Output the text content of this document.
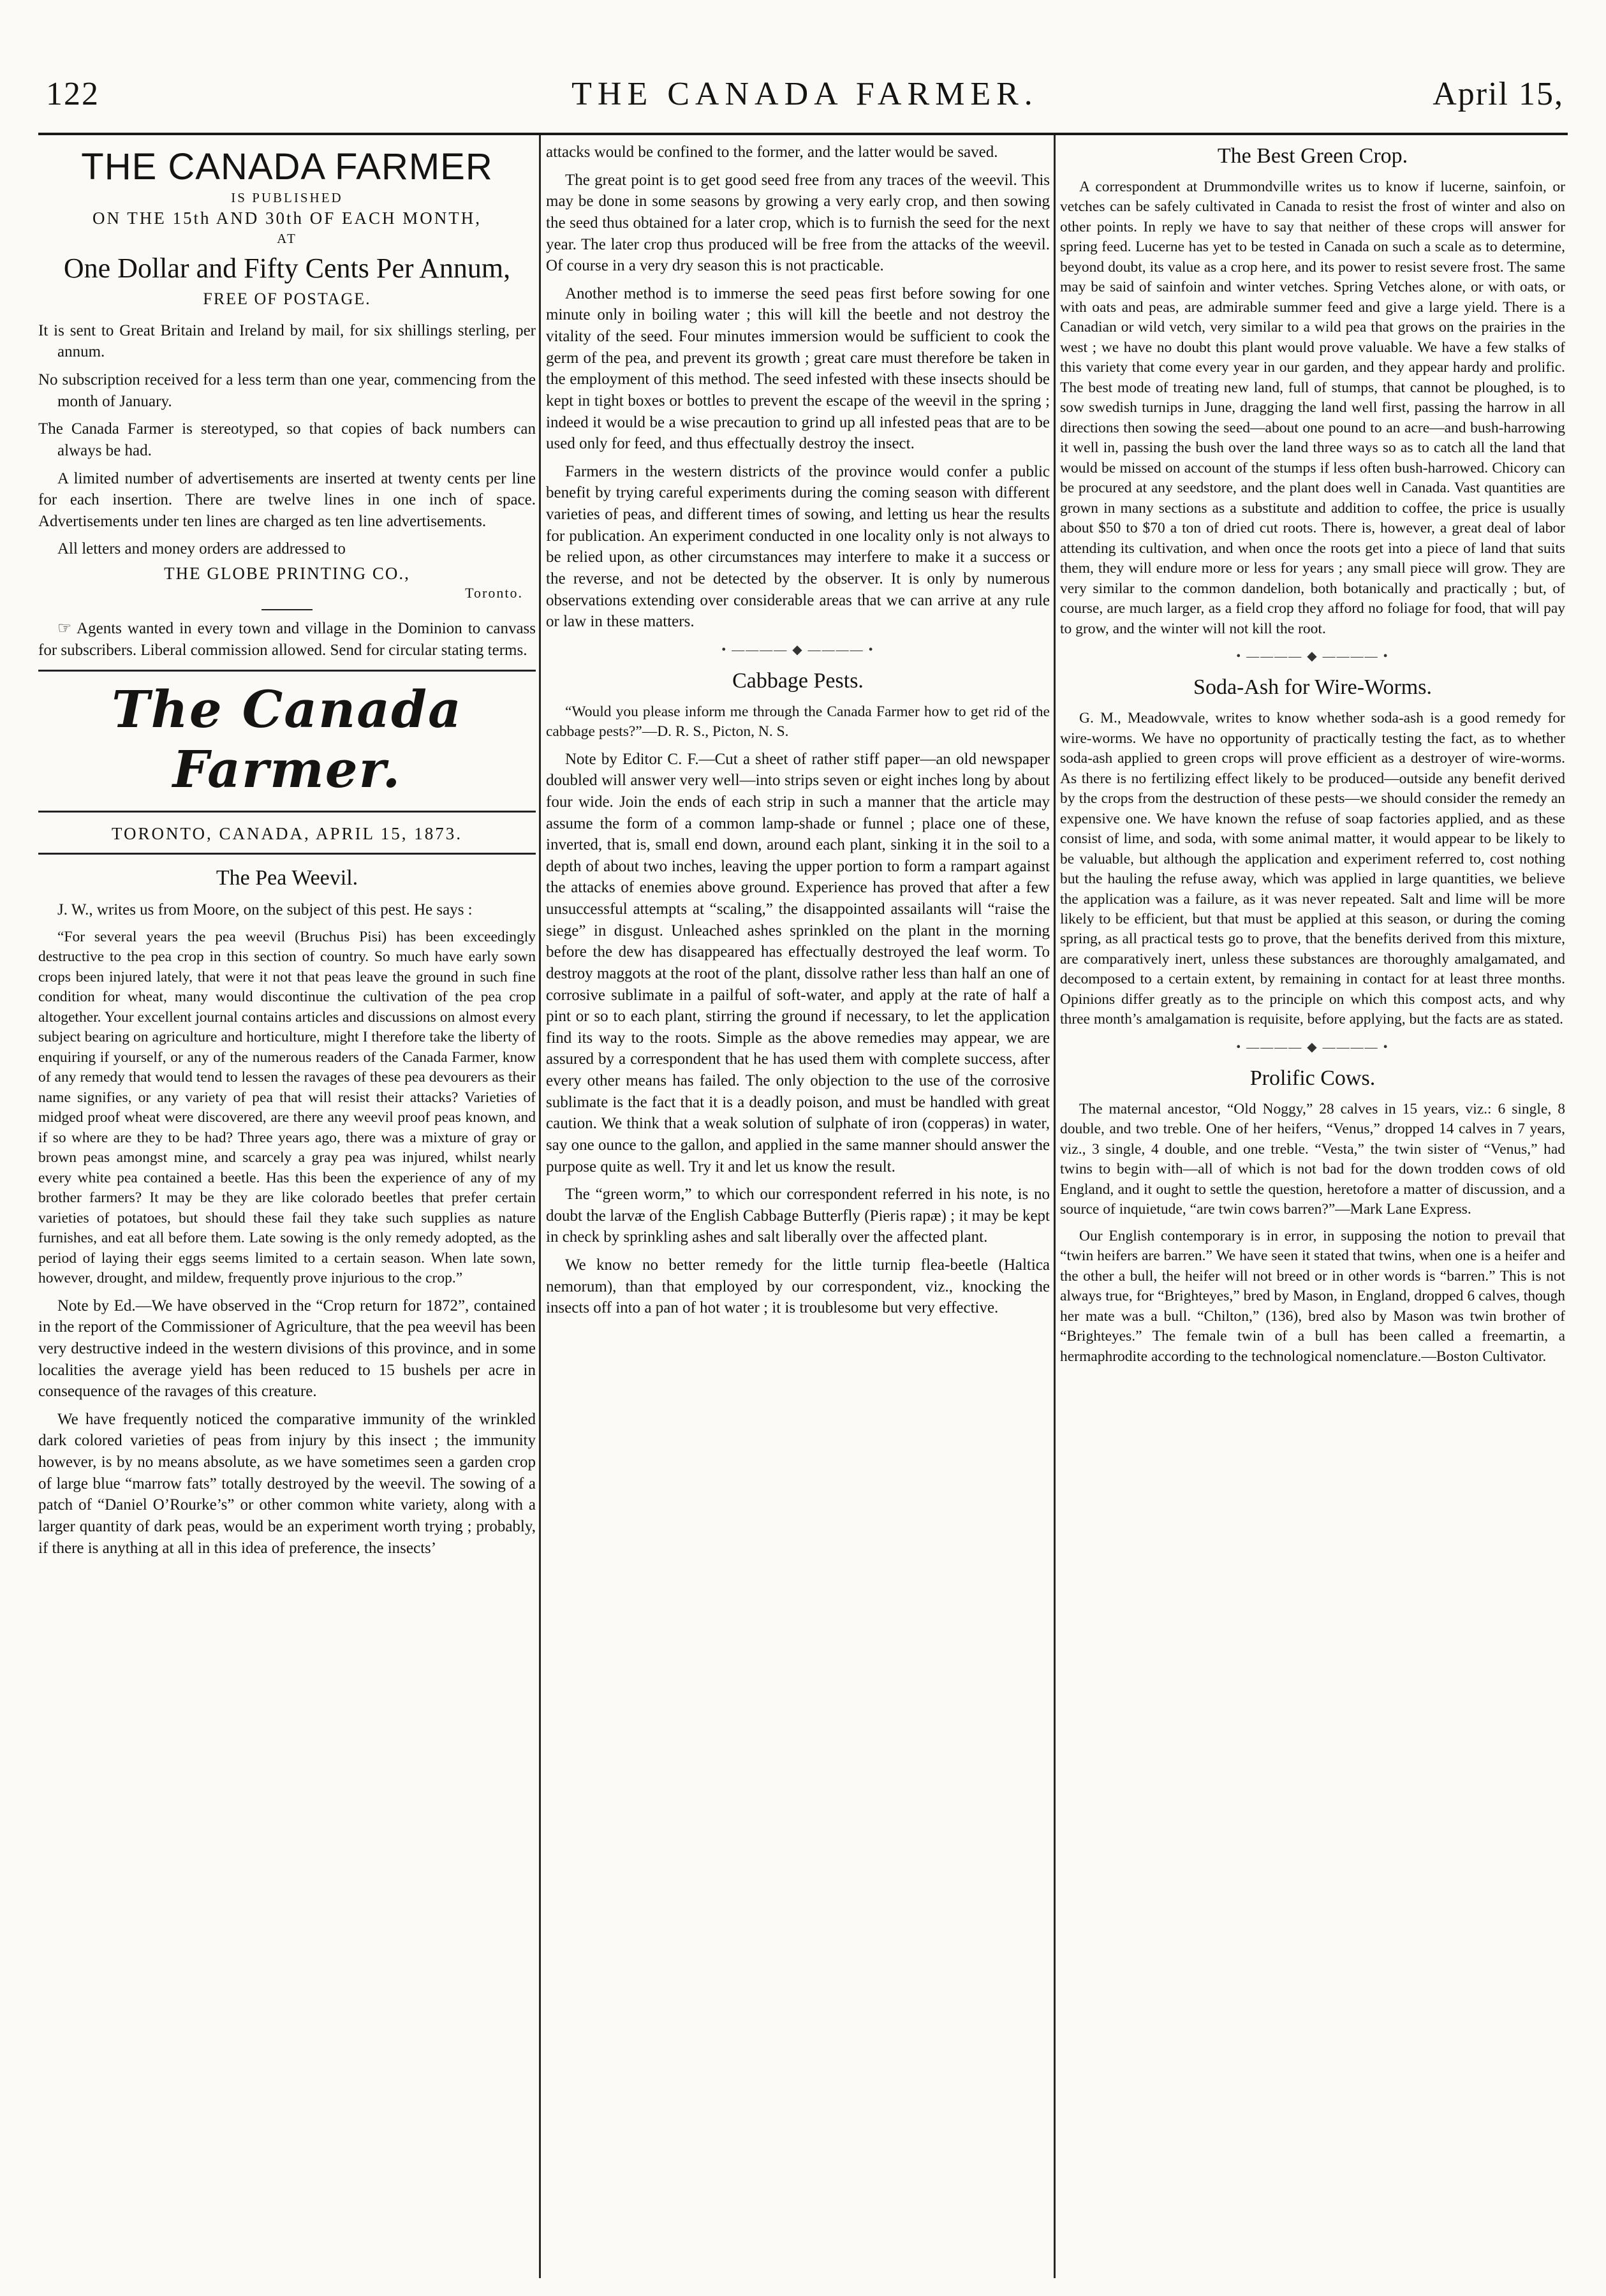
122	THE CANADA FARMER.	April 15,
THE CANADA FARMER
IS PUBLISHED
ON THE 15th AND 30th OF EACH MONTH,
AT
One Dollar and Fifty Cents Per Annum,
FREE OF POSTAGE.

It is sent to Great Britain and Ireland by mail, for six shillings sterling, per annum.

No subscription received for a less term than one year, commencing from the month of January.

The Canada Farmer is stereotyped, so that copies of back numbers can always be had.

A limited number of advertisements are inserted at twenty cents per line for each insertion. There are twelve lines in one inch of space. Advertisements under ten lines are charged as ten line advertisements.

All letters and money orders are addressed to

THE GLOBE PRINTING CO.,
Toronto.

☞ Agents wanted in every town and village in the Dominion to canvass for subscribers. Liberal commission allowed. Send for circular stating terms.

The Canada Farmer.
TORONTO, CANADA, APRIL 15, 1873.
The Pea Weevil.

J. W., writes us from Moore, on the subject of this pest. He says :

“For several years the pea weevil (Bruchus Pisi) has been exceedingly destructive to the pea crop in this section of country. So much have early sown crops been injured lately, that were it not that peas leave the ground in such fine condition for wheat, many would discontinue the cultivation of the pea crop altogether. Your excellent journal contains articles and discussions on almost every subject bearing on agriculture and horticulture, might I therefore take the liberty of enquiring if yourself, or any of the numerous readers of the Canada Farmer, know of any remedy that would tend to lessen the ravages of these pea devourers as their name signifies, or any variety of pea that will resist their attacks? Varieties of midged proof wheat were discovered, are there any weevil proof peas known, and if so where are they to be had? Three years ago, there was a mixture of gray or brown peas amongst mine, and scarcely a gray pea was injured, whilst nearly every white pea contained a beetle. Has this been the experience of any of my brother farmers? It may be they are like colorado beetles that prefer certain varieties of potatoes, but should these fail they take such supplies as nature furnishes, and eat all before them. Late sowing is the only remedy adopted, as the period of laying their eggs seems limited to a certain season. When late sown, however, drought, and mildew, frequently prove injurious to the crop.”

Note by Ed.—We have observed in the “Crop return for 1872”, contained in the report of the Commissioner of Agriculture, that the pea weevil has been very destructive indeed in the western divisions of this province, and in some localities the average yield has been reduced to 15 bushels per acre in consequence of the ravages of this creature.

We have frequently noticed the comparative immunity of the wrinkled dark colored varieties of peas from injury by this insect ; the immunity however, is by no means absolute, as we have sometimes seen a garden crop of large blue “marrow fats” totally destroyed by the weevil. The sowing of a patch of “Daniel O’Rourke’s” or other common white variety, along with a larger quantity of dark peas, would be an experiment worth trying ; probably, if there is anything at all in this idea of preference, the insects’

attacks would be confined to the former, and the latter would be saved.

The great point is to get good seed free from any traces of the weevil. This may be done in some seasons by growing a very early crop, and then sowing the seed thus obtained for a later crop, which is to furnish the seed for the next year. The later crop thus produced will be free from the attacks of the weevil. Of course in a very dry season this is not practicable.

Another method is to immerse the seed peas first before sowing for one minute only in boiling water ; this will kill the beetle and not destroy the vitality of the seed. Four minutes immersion would be sufficient to cook the germ of the pea, and prevent its growth ; great care must therefore be taken in the employment of this method. The seed infested with these insects should be kept in tight boxes or bottles to prevent the escape of the weevil in the spring ; indeed it would be a wise precaution to grind up all infested peas that are to be used only for feed, and thus effectually destroy the insect.

Farmers in the western districts of the province would confer a public benefit by trying careful experiments during the coming season with different varieties of peas, and different times of sowing, and letting us hear the results for publication. An experiment conducted in one locality only is not always to be relied upon, as other circumstances may interfere to make it a success or the reverse, and not be detected by the observer. It is only by numerous observations extending over considerable areas that we can arrive at any rule or law in these matters.

• ———— ◆ ———— •
Cabbage Pests.

“Would you please inform me through the Canada Farmer how to get rid of the cabbage pests?”—D. R. S., Picton, N. S.

Note by Editor C. F.—Cut a sheet of rather stiff paper—an old newspaper doubled will answer very well—into strips seven or eight inches long by about four wide. Join the ends of each strip in such a manner that the article may assume the form of a common lamp-shade or funnel ; place one of these, inverted, that is, small end down, around each plant, sinking it in the soil to a depth of about two inches, leaving the upper portion to form a rampart against the attacks of enemies above ground. Experience has proved that after a few unsuccessful attempts at “scaling,” the disappointed assailants will “raise the siege” in disgust. Unleached ashes sprinkled on the plant in the morning before the dew has disappeared has effectually destroyed the leaf worm. To destroy maggots at the root of the plant, dissolve rather less than half an one of corrosive sublimate in a pailful of soft-water, and apply at the rate of half a pint or so to each plant, stirring the ground if necessary, to let the application find its way to the roots. Simple as the above remedies may appear, we are assured by a correspondent that he has used them with complete success, after every other means has failed. The only objection to the use of the corrosive sublimate is the fact that it is a deadly poison, and must be handled with great caution. We think that a weak solution of sulphate of iron (copperas) in water, say one ounce to the gallon, and applied in the same manner should answer the purpose quite as well. Try it and let us know the result.

The “green worm,” to which our correspondent referred in his note, is no doubt the larvæ of the English Cabbage Butterfly (Pieris rapæ) ; it may be kept in check by sprinkling ashes and salt liberally over the affected plant.

We know no better remedy for the little turnip flea-beetle (Haltica nemorum), than that employed by our correspondent, viz., knocking the insects off into a pan of hot water ; it is troublesome but very effective.

The Best Green Crop.

A correspondent at Drummondville writes us to know if lucerne, sainfoin, or vetches can be safely cultivated in Canada to resist the frost of winter and also on other points. In reply we have to say that neither of these crops will answer for spring feed. Lucerne has yet to be tested in Canada on such a scale as to determine, beyond doubt, its value as a crop here, and its power to resist severe frost. The same may be said of sainfoin and winter vetches. Spring Vetches alone, or with oats, or with oats and peas, are admirable summer feed and give a large yield. There is a Canadian or wild vetch, very similar to a wild pea that grows on the prairies in the west ; we have no doubt this plant would prove valuable. We have a few stalks of this variety that come every year in our garden, and they appear hardy and prolific. The best mode of treating new land, full of stumps, that cannot be ploughed, is to sow swedish turnips in June, dragging the land well first, passing the harrow in all directions then sowing the seed—about one pound to an acre—and bush-harrowing it well in, passing the bush over the land three ways so as to catch all the land that would be missed on account of the stumps if less often bush-harrowed. Chicory can be procured at any seedstore, and the plant does well in Canada. Vast quantities are grown in many sections as a substitute and addition to coffee, the price is usually about $50 to $70 a ton of dried cut roots. There is, however, a great deal of labor attending its cultivation, and when once the roots get into a piece of land that suits them, they will endure more or less for years ; any small piece will grow. They are very similar to the common dandelion, both botanically and practically ; but, of course, are much larger, as a field crop they afford no foliage for food, that will pay to grow, and the winter will not kill the root.

• ———— ◆ ———— •
Soda-Ash for Wire-Worms.

G. M., Meadowvale, writes to know whether soda-ash is a good remedy for wire-worms. We have no opportunity of practically testing the fact, as to whether soda-ash applied to green crops will prove efficient as a destroyer of wire-worms. As there is no fertilizing effect likely to be produced—outside any benefit derived by the crops from the destruction of these pests—we should consider the remedy an expensive one. We have known the refuse of soap factories applied, and as these consist of lime, and soda, with some animal matter, it would appear to be likely to be valuable, but although the application and experiment referred to, cost nothing but the hauling the refuse away, which was applied in large quantities, we believe the application was a failure, as it was never repeated. Salt and lime will be more likely to be efficient, but that must be applied at this season, or during the coming spring, as all practical tests go to prove, that the benefits derived from this mixture, are comparatively inert, unless these substances are thoroughly amalgamated, and decomposed to a certain extent, by remaining in contact for at least three months. Opinions differ greatly as to the principle on which this compost acts, and why three month’s amalgamation is requisite, before applying, but the facts are as stated.

• ———— ◆ ———— •
Prolific Cows.

The maternal ancestor, “Old Noggy,” 28 calves in 15 years, viz.: 6 single, 8 double, and two treble. One of her heifers, “Venus,” dropped 14 calves in 7 years, viz., 3 single, 4 double, and one treble. “Vesta,” the twin sister of “Venus,” had twins to begin with—all of which is not bad for the down trodden cows of old England, and it ought to settle the question, heretofore a matter of discussion, and a source of inquietude, “are twin cows barren?”—Mark Lane Express.

Our English contemporary is in error, in supposing the notion to prevail that “twin heifers are barren.” We have seen it stated that twins, when one is a heifer and the other a bull, the heifer will not breed or in other words is “barren.” This is not always true, for “Brighteyes,” bred by Mason, in England, dropped 6 calves, though her mate was a bull. “Chilton,” (136), bred also by Mason was twin brother of “Brighteyes.” The female twin of a bull has been called a freemartin, a hermaphrodite according to the technological nomenclature.—Boston Cultivator.
